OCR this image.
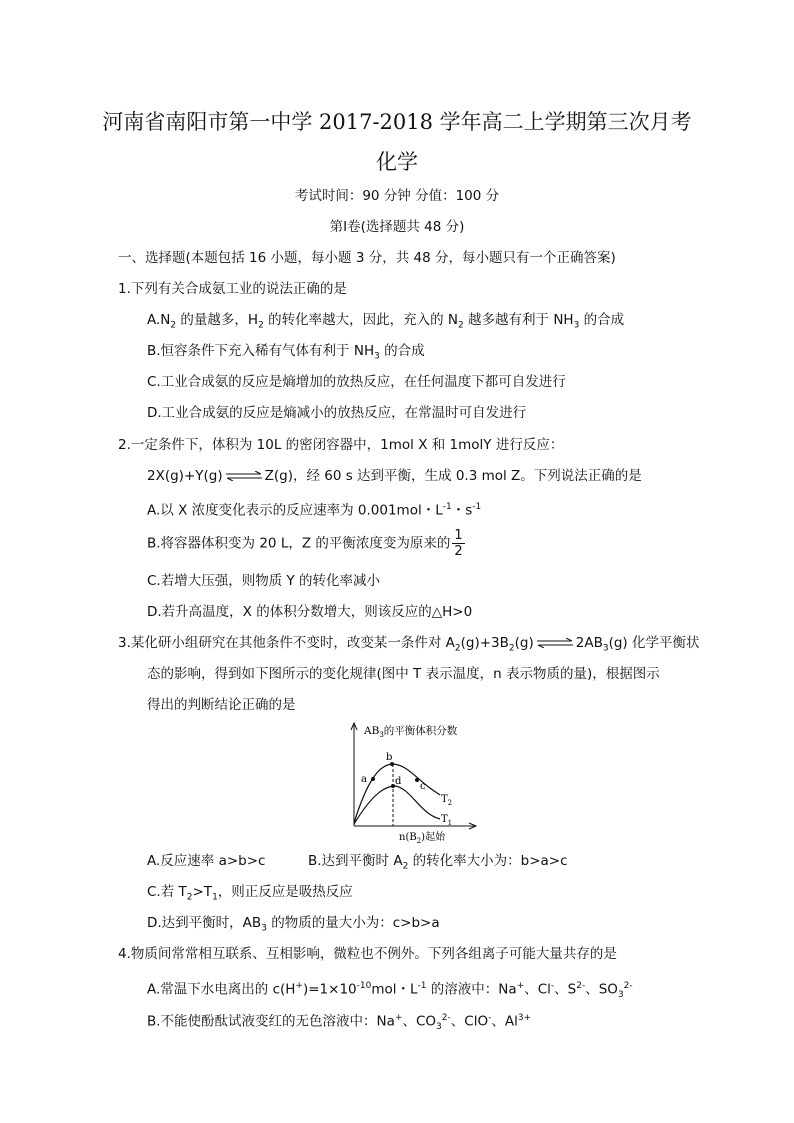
河南省南阳市第一中学 2017-2018 学年高二上学期第三次月考
化学
考试时间：90 分钟 分值：100 分
第Ⅰ卷(选择题共 48 分)
一、选择题(本题包括 16 小题，每小题 3 分，共 48 分，每小题只有一个正确答案)
1.下列有关合成氨工业的说法正确的是
$A.N_2$ 的量越多，$H_2$ 的转化率越大，因此，充入的 $N_2$ 越多越有利于 $NH_3$ 的合成
B.恒容条件下充入稀有气体有利于 $NH_3$ 的合成
C.工业合成氨的反应是熵增加的放热反应，在任何温度下都可自发进行
D.工业合成氨的反应是熵减小的放热反应，在常温时可自发进行
2.一定条件下，体积为 10L 的密闭容器中，1mol X 和 1molY 进行反应：
2X(g)+Y(g) ⇌ Z(g)，经 60 s 达到平衡，生成 0.3 mol Z。下列说法正确的是
A.以 X 浓度变化表示的反应速率为 0.001mol・$L^{-1}$・$s^{-1}$
B.将容器体积变为 20 L，Z 的平衡浓度变为原来的 $\frac{1}{2}$
C.若增大压强，则物质 Y 的转化率减小
D.若升高温度，X 的体积分数增大，则该反应的△H>0
3.某化研小组研究在其他条件不变时，改变某一条件对 $A_2(g)+3B_2(g)$ ⇌ $2AB_3(g)$ 化学平衡状
态的影响，得到如下图所示的变化规律(图中 T 表示温度，n 表示物质的量)，根据图示
得出的判断结论正确的是
$AB_3$的平衡体积分数
a
b
c
d
$T_2$
$T_1$
$n(B_2)$起始
A.反应速率 a>b>c	B.达到平衡时 $A_2$ 的转化率大小为：b>a>c
C.若 $T_2>T_1$，则正反应是吸热反应
D.达到平衡时，$AB_3$ 的物质的量大小为：c>b>a
4.物质间常常相互联系、互相影响，微粒也不例外。下列各组离子可能大量共存的是
A.常温下水电离出的 $c(H^+)=1\times 10^{-10}mol$・$L^{-1}$ 的溶液中：Na+、Cl-、$S^{2-}$、$SO_3^{2-}$
B.不能使酚酞试液变红的无色溶液中：Na+、$CO_3^{2-}$、ClO-、$Al^{3+}$
